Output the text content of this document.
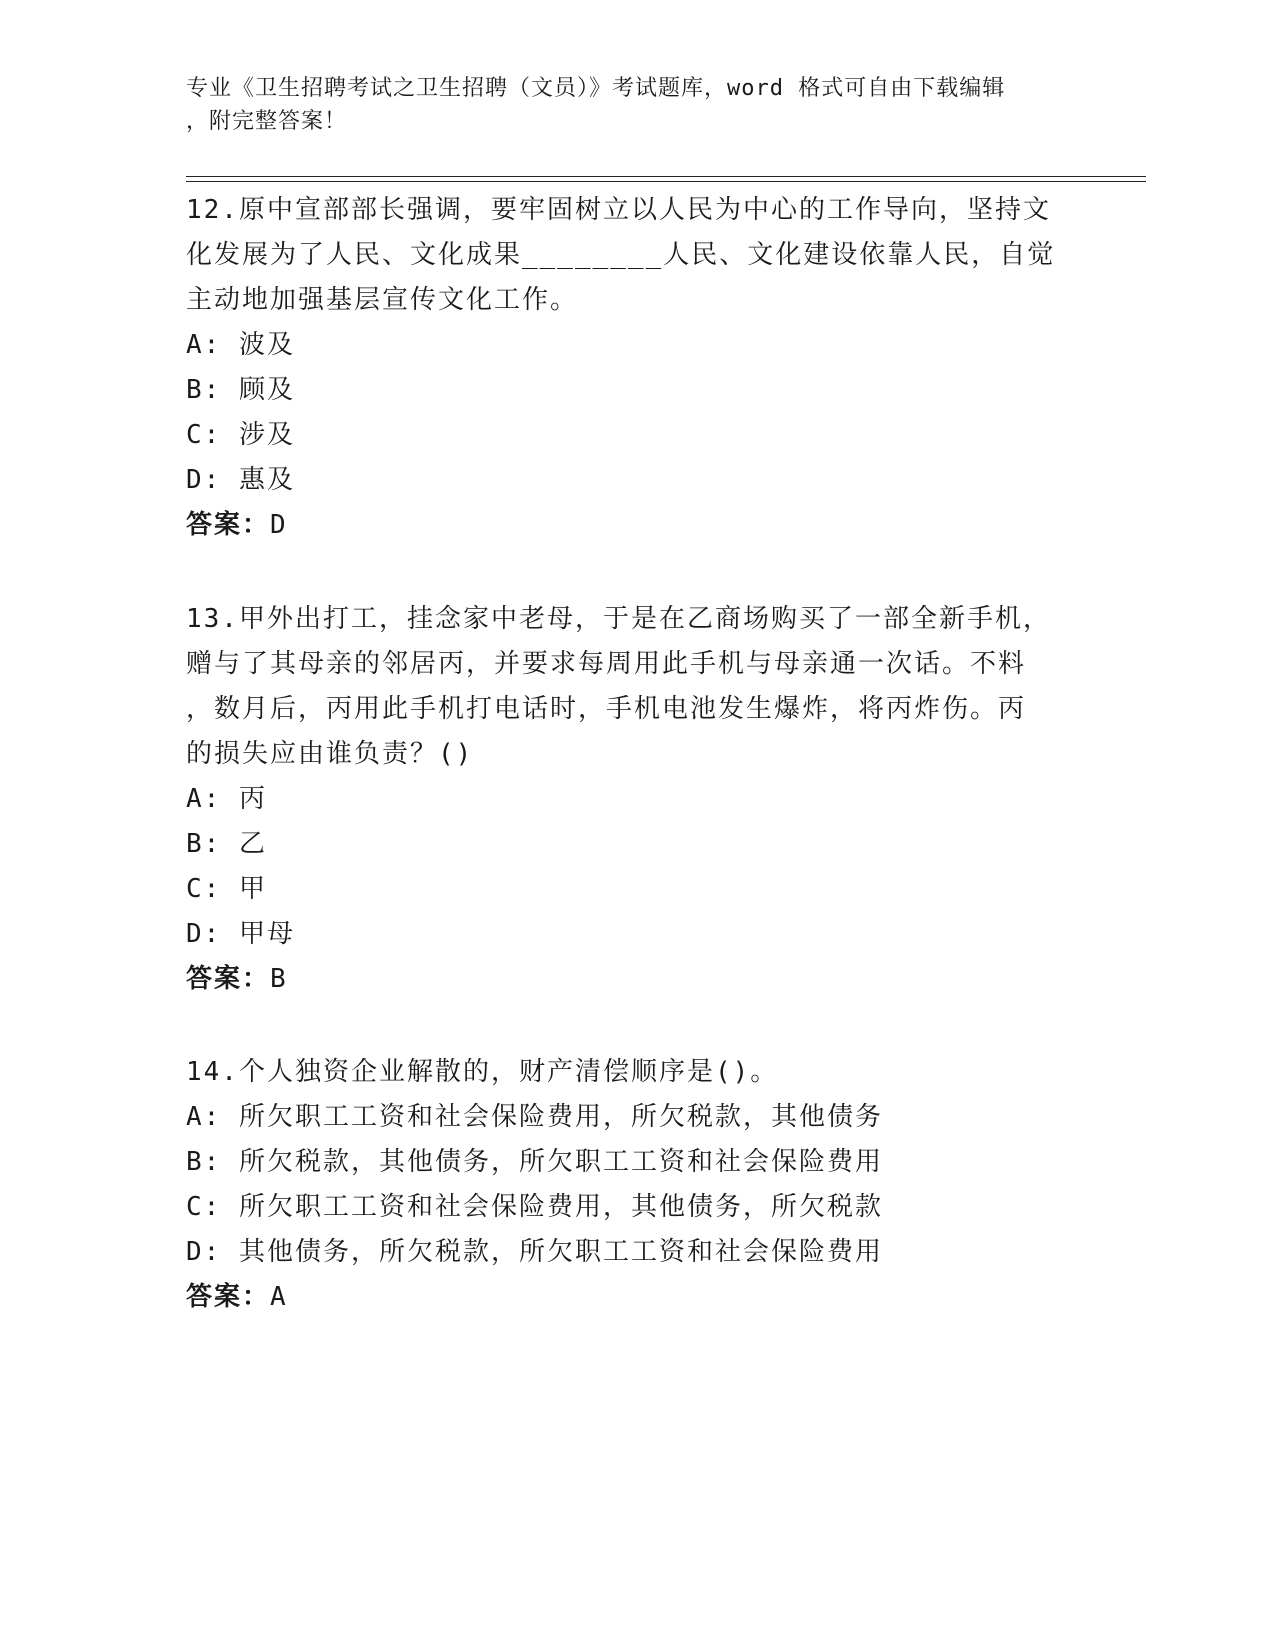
专业《卫生招聘考试之卫生招聘（文员）》考试题库，word 格式可自由下载编辑
，附完整答案！

12.原中宣部部长强调，要牢固树立以人民为中心的工作导向，坚持文

化发展为了人民、文化成果________人民、文化建设依靠人民，自觉

主动地加强基层宣传文化工作。

A: 波及

B: 顾及

C: 涉及

D: 惠及

答案：D

13.甲外出打工，挂念家中老母，于是在乙商场购买了一部全新手机，

赠与了其母亲的邻居丙，并要求每周用此手机与母亲通一次话。不料

，数月后，丙用此手机打电话时，手机电池发生爆炸，将丙炸伤。丙

的损失应由谁负责？()

A: 丙

B: 乙

C: 甲

D: 甲母

答案：B

14.个人独资企业解散的，财产清偿顺序是()。

A: 所欠职工工资和社会保险费用，所欠税款，其他债务

B: 所欠税款，其他债务，所欠职工工资和社会保险费用

C: 所欠职工工资和社会保险费用，其他债务，所欠税款

D: 其他债务，所欠税款，所欠职工工资和社会保险费用

答案：A
